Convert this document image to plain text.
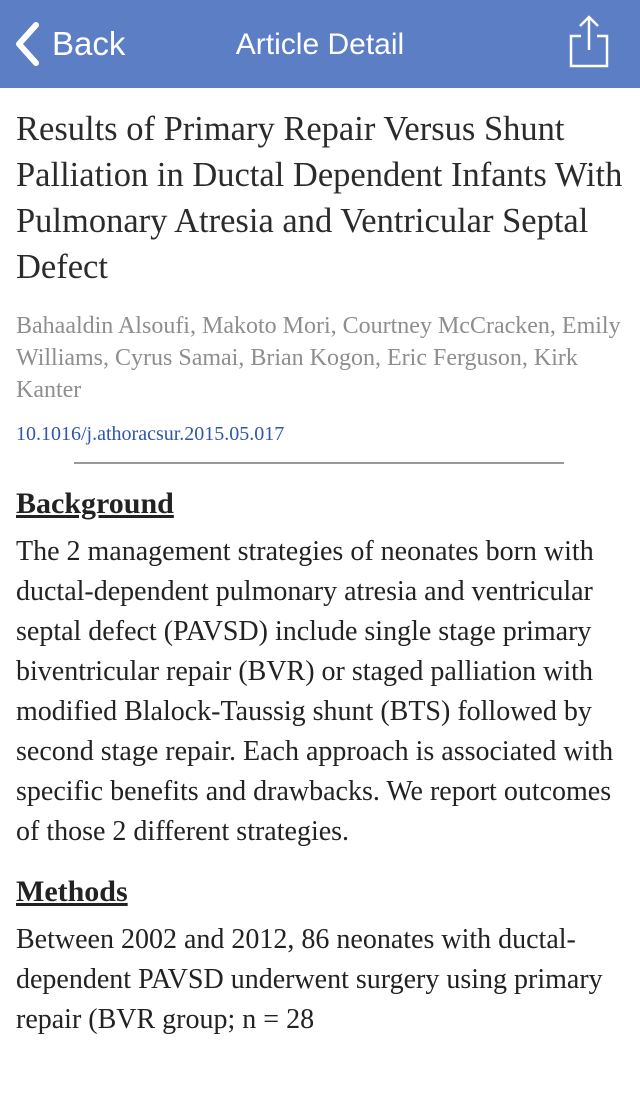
Back	Article Detail
Results of Primary Repair Versus Shunt Palliation in Ductal Dependent Infants With Pulmonary Atresia and Ventricular Septal Defect
Bahaaldin Alsoufi, Makoto Mori, Courtney McCracken, Emily Williams, Cyrus Samai, Brian Kogon, Eric Ferguson, Kirk Kanter
10.1016/j.athoracsur.2015.05.017
Background
The 2 management strategies of neonates born with ductal-dependent pulmonary atresia and ventricular septal defect (PAVSD) include single stage primary biventricular repair (BVR) or staged palliation with modified Blalock-Taussig shunt (BTS) followed by second stage repair. Each approach is associated with specific benefits and drawbacks. We report outcomes of those 2 different strategies.
Methods
Between 2002 and 2012, 86 neonates with ductal-dependent PAVSD underwent surgery using primary repair (BVR group; n = 28
